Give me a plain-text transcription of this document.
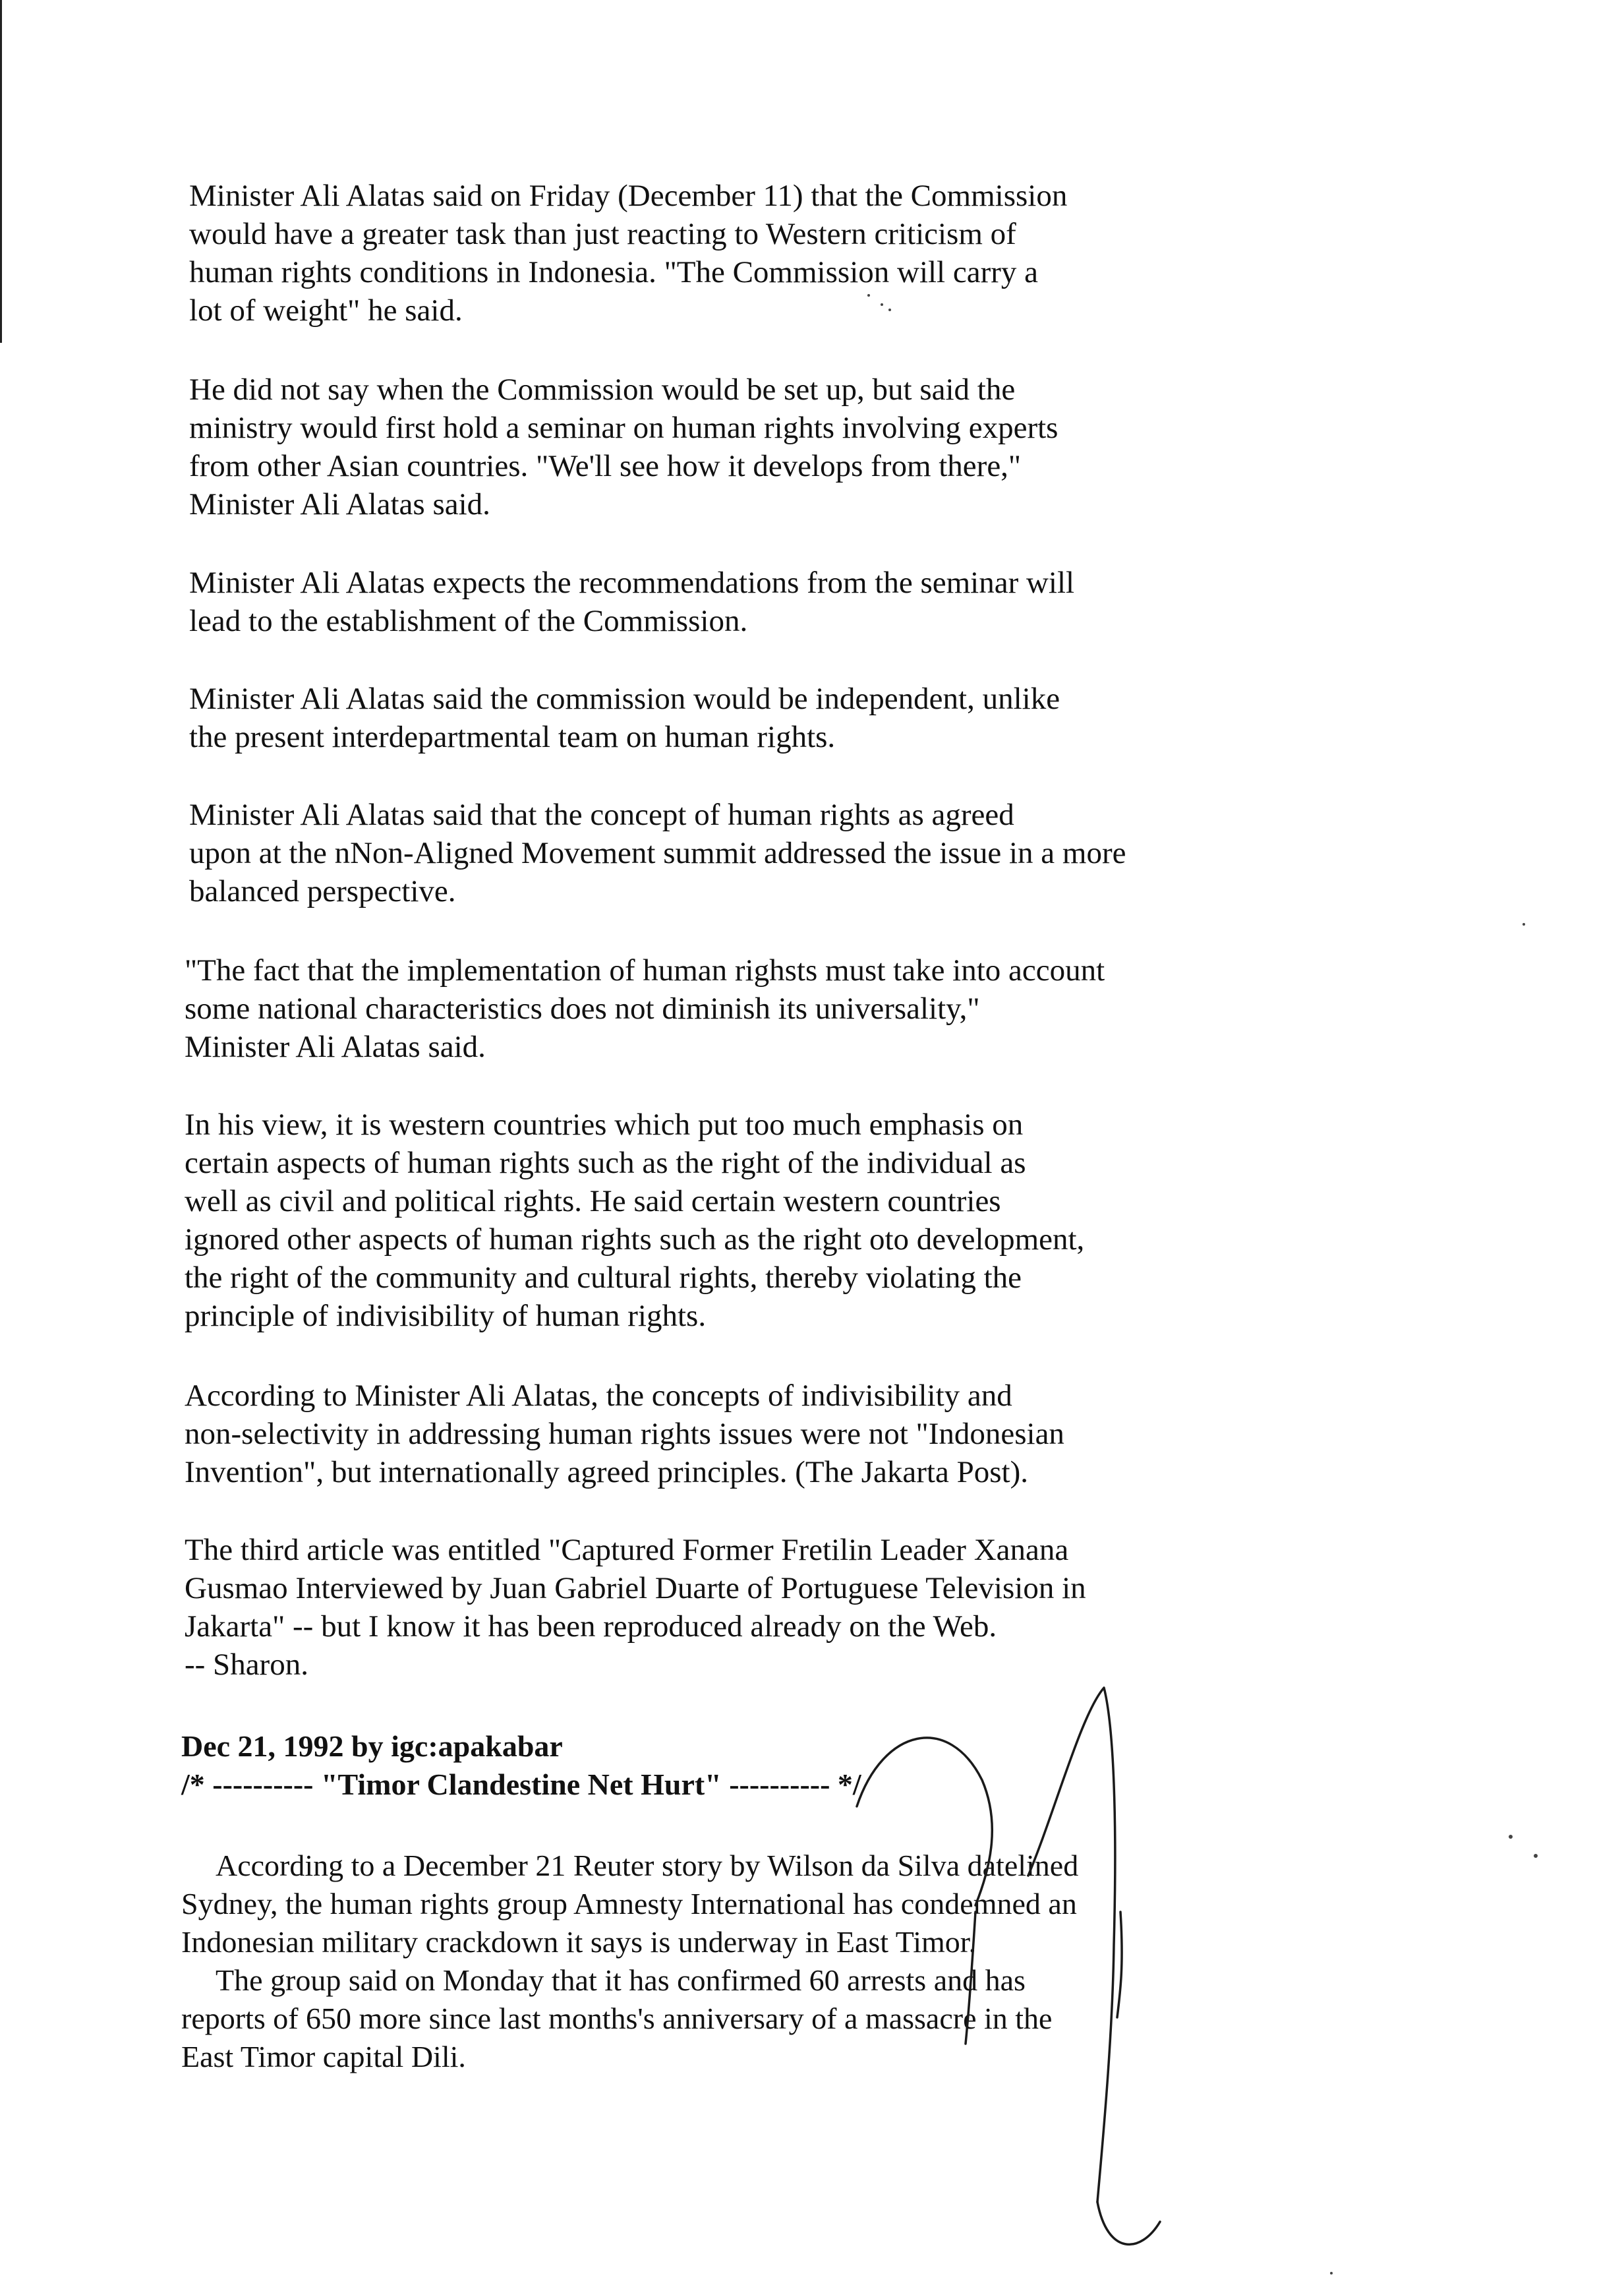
Minister Ali Alatas said on Friday (December 11) that the Commission
would have a greater task than just reacting to Western criticism of
human rights conditions in Indonesia. "The Commission will carry a
lot of weight" he said.
He did not say when the Commission would be set up, but said the
ministry would first hold a seminar on human rights involving experts
from other Asian countries. "We'll see how it develops from there,"
Minister Ali Alatas said.
Minister Ali Alatas expects the recommendations from the seminar will
lead to the establishment of the Commission.
Minister Ali Alatas said the commission would be independent, unlike
the present interdepartmental team on human rights.
Minister Ali Alatas said that the concept of human rights as agreed
upon at the nNon-Aligned Movement summit addressed the issue in a more
balanced perspective.
"The fact that the implementation of human righsts must take into account
some national characteristics does not diminish its universality,"
Minister Ali Alatas said.
In his view, it is western countries which put too much emphasis on
certain aspects of human rights such as the right of the individual as
well as civil and political rights. He said certain western countries
ignored other aspects of human rights such as the right oto development,
the right of the community and cultural rights, thereby violating the
principle of indivisibility of human rights.
According to Minister Ali Alatas, the concepts of indivisibility and
non-selectivity in addressing human rights issues were not "Indonesian
Invention", but internationally agreed principles. (The Jakarta Post).
The third article was entitled "Captured Former Fretilin Leader Xanana
Gusmao Interviewed by Juan Gabriel Duarte of Portuguese Television in
Jakarta" -- but I know it has been reproduced already on the Web.
-- Sharon.
Dec 21, 1992 by igc:apakabar
/* ---------- "Timor Clandestine Net Hurt" ---------- */
According to a December 21 Reuter story by Wilson da Silva datelined
Sydney, the human rights group Amnesty International has condemned an
Indonesian military crackdown it says is underway in East Timor.
The group said on Monday that it has confirmed 60 arrests and has
reports of 650 more since last months's anniversary of a massacre in the
East Timor capital Dili.
